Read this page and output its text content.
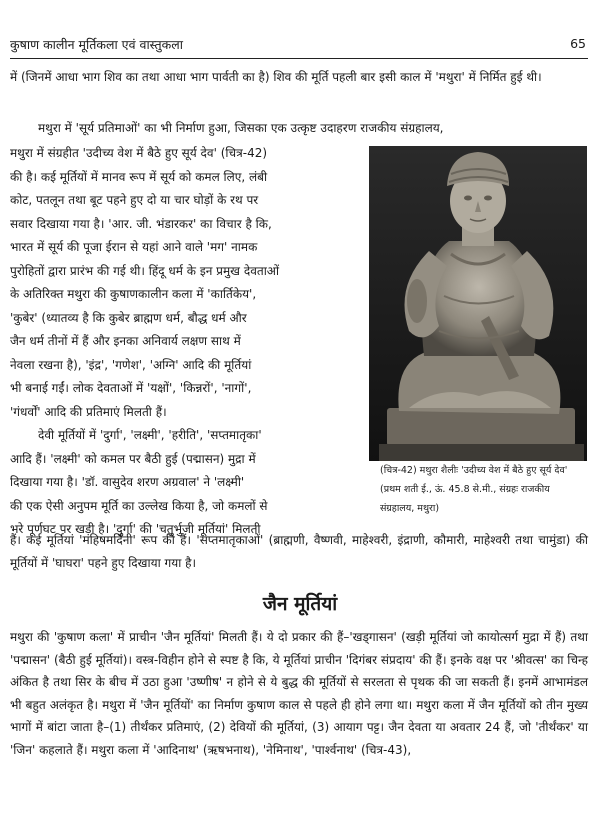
कुषाण कालीन मूर्तिकला एवं वास्तुकला	65
में (जिनमें आधा भाग शिव का तथा आधा भाग पार्वती का है) शिव की मूर्ति पहली बार इसी काल में 'मथुरा' में निर्मित हुई थी।
मथुरा में 'सूर्य प्रतिमाओं' का भी निर्माण हुआ, जिसका एक उत्कृष्ट उदाहरण राजकीय संग्रहालय,
मथुरा में संग्रहीत 'उदीच्य वेश में बैठे हुए सूर्य देव' (चित्र-42)
की है। कई मूर्तियों में मानव रूप में सूर्य को कमल लिए, लंबी
कोट, पतलून तथा बूट पहने हुए दो या चार घोड़ों के रथ पर
सवार दिखाया गया है। 'आर. जी. भंडारकर' का विचार है कि,
भारत में सूर्य की पूजा ईरान से यहां आने वाले 'मग' नामक
पुरोहितों द्वारा प्रारंभ की गई थी। हिंदू धर्म के इन प्रमुख देवताओं
के अतिरिक्त मथुरा की कुषाणकालीन कला में 'कार्तिकेय',
'कुबेर' (ध्यातव्य है कि कुबेर ब्राह्मण धर्म, बौद्ध धर्म और
जैन धर्म तीनों में हैं और इनका अनिवार्य लक्षण साथ में
नेवला रखना है), 'इंद्र', 'गणेश', 'अग्नि' आदि की मूर्तियां
भी बनाई गईं। लोक देवताओं में 'यक्षों', 'किन्नरों', 'नागों',
'गंधर्वों' आदि की प्रतिमाएं मिलती हैं।
देवी मूर्तियों में 'दुर्गा', 'लक्ष्मी', 'हरीति', 'सप्तमातृका'
आदि हैं। 'लक्ष्मी' को कमल पर बैठी हुई (पद्मासन) मुद्रा में
दिखाया गया है। 'डॉ. वासुदेव शरण अग्रवाल' ने 'लक्ष्मी'
की एक ऐसी अनुपम मूर्ति का उल्लेख किया है, जो कमलों से
भरे पूर्णघट पर खड़ी है। 'दुर्गा' की 'चतुर्भुजी मूर्तियां' मिलती
(चित्र-42) मथुरा शैलीः 'उदीच्य वेश में बैठे हुए सूर्य देव' (प्रथम शती ई., ऊं. 45.8 से.मी., संग्रहः राजकीय संग्रहालय, मथुरा)
हैं। कई मूर्तियां 'महिषमर्दिनी' रूप की हैं। 'सप्तमातृकाओं' (ब्राह्मणी, वैष्णवी, माहेश्वरी, इंद्राणी, कौमारी, माहेश्वरी तथा चामुंडा) की मूर्तियों में 'घाघरा' पहने हुए दिखाया गया है।
जैन मूर्तियां
मथुरा की 'कुषाण कला' में प्राचीन 'जैन मूर्तियां' मिलती हैं। ये दो प्रकार की हैं–'खड्गासन' (खड़ी मूर्तियां जो कायोत्सर्ग मुद्रा में हैं) तथा 'पद्मासन' (बैठी हुई मूर्तियां)। वस्त्र-विहीन होने से स्पष्ट है कि, ये मूर्तियां प्राचीन 'दिगंबर संप्रदाय' की हैं। इनके वक्ष पर 'श्रीवत्स' का चिन्ह अंकित है तथा सिर के बीच में उठा हुआ 'उष्णीष' न होने से ये बुद्ध की मूर्तियों से सरलता से पृथक की जा सकती हैं। इनमें आभामंडल भी बहुत अलंकृत है। मथुरा में 'जैन मूर्तियों' का निर्माण कुषाण काल से पहले ही होने लगा था। मथुरा कला में जैन मूर्तियों को तीन मुख्य भागों में बांटा जाता है–(1) तीर्थंकर प्रतिमाएं, (2) देवियों की मूर्तियां, (3) आयाग पट्ट। जैन देवता या अवतार 24 हैं, जो 'तीर्थंकर' या 'जिन' कहलाते हैं। मथुरा कला में 'आदिनाथ' (ऋषभनाथ), 'नेमिनाथ', 'पार्श्वनाथ' (चित्र-43),
